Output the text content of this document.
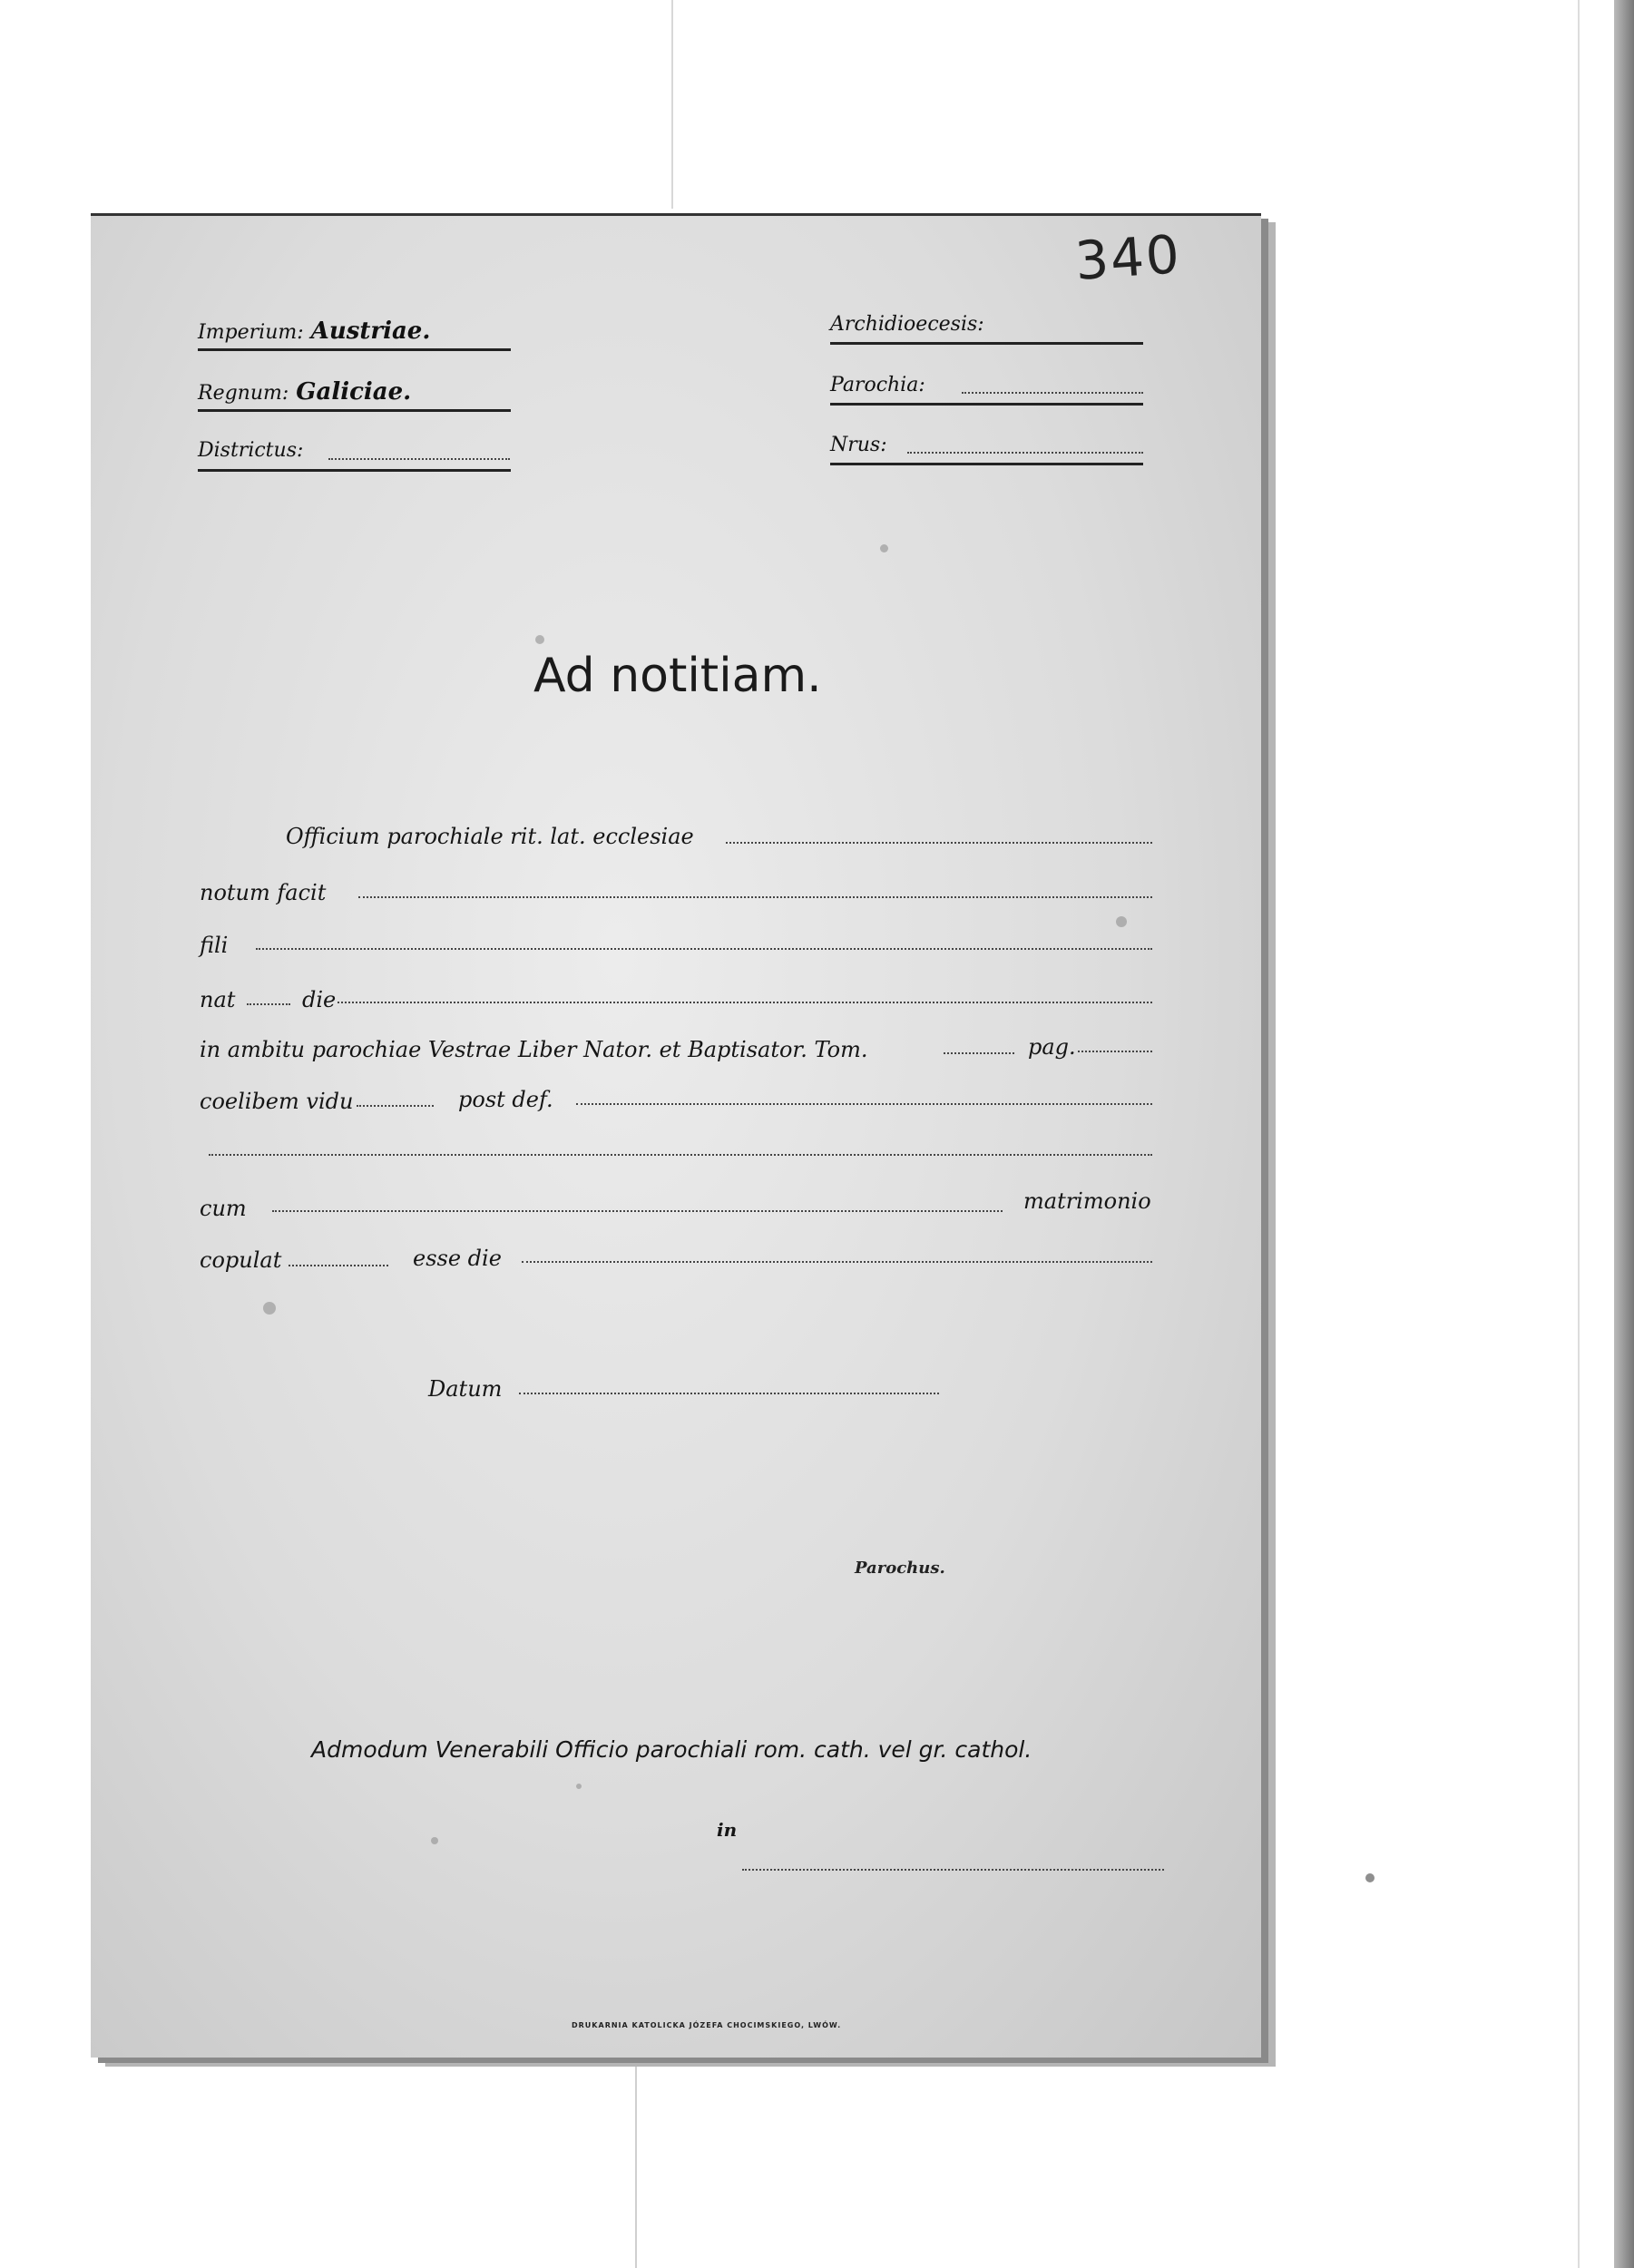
340
Imperium: Austriae.
Regnum: Galiciae.
Districtus:
Archidioecesis:
Parochia:
Nrus:
Ad notitiam.
Officium parochiale rit. lat. ecclesiae
notum facit
fili
nat	die
in ambitu parochiae Vestrae Liber Nator. et Baptisator. Tom.	pag.
coelibem vidu	post def.
cum	matrimonio
copulat	esse die
Datum
Parochus.
Admodum Venerabili Officio parochiali rom. cath. vel gr. cathol.
in
DRUKARNIA KATOLICKA JÓZEFA CHOCIMSKIEGO, LWÓW.
